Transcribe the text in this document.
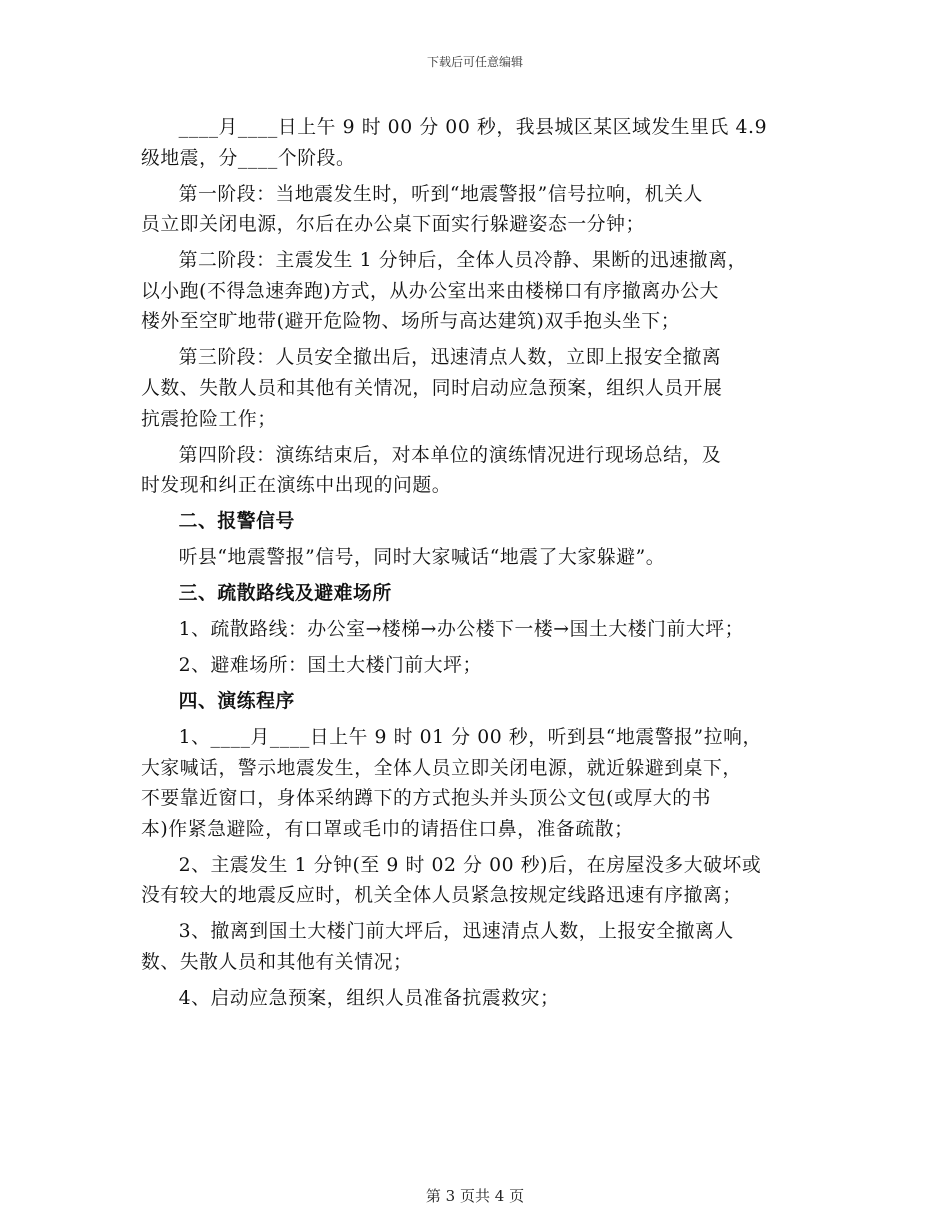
下载后可任意编辑

____月____日上午 9 时 00 分 00 秒，我县城区某区域发生里氏 4.9
级地震，分____个阶段。

第一阶段：当地震发生时，听到“地震警报”信号拉响，机关人
员立即关闭电源，尔后在办公桌下面实行躲避姿态一分钟；

第二阶段：主震发生 1 分钟后，全体人员冷静、果断的迅速撤离，
以小跑(不得急速奔跑)方式，从办公室出来由楼梯口有序撤离办公大
楼外至空旷地带(避开危险物、场所与高达建筑)双手抱头坐下；

第三阶段：人员安全撤出后，迅速清点人数，立即上报安全撤离
人数、失散人员和其他有关情况，同时启动应急预案，组织人员开展
抗震抢险工作；

第四阶段：演练结束后，对本单位的演练情况进行现场总结，及
时发现和纠正在演练中出现的问题。

二、报警信号

听县“地震警报”信号，同时大家喊话“地震了大家躲避”。

三、疏散路线及避难场所

1、疏散路线：办公室→楼梯→办公楼下一楼→国土大楼门前大坪；

2、避难场所：国土大楼门前大坪；

四、演练程序

1、____月____日上午 9 时 01 分 00 秒，听到县“地震警报”拉响，
大家喊话，警示地震发生，全体人员立即关闭电源，就近躲避到桌下，
不要靠近窗口，身体采纳蹲下的方式抱头并头顶公文包(或厚大的书
本)作紧急避险，有口罩或毛巾的请捂住口鼻，准备疏散；

2、主震发生 1 分钟(至 9 时 02 分 00 秒)后，在房屋没多大破坏或
没有较大的地震反应时，机关全体人员紧急按规定线路迅速有序撤离；

3、撤离到国土大楼门前大坪后，迅速清点人数，上报安全撤离人
数、失散人员和其他有关情况；

4、启动应急预案，组织人员准备抗震救灾；

第 3 页共 4 页
